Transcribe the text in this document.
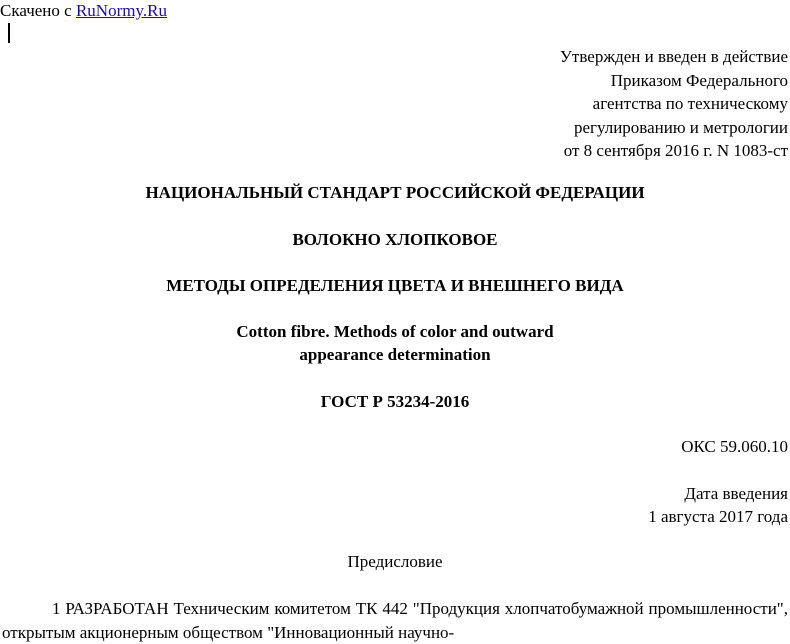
Скачено с RuNormy.Ru
Утвержден и введен в действие
Приказом Федерального
агентства по техническому
регулированию и метрологии
от 8 сентября 2016 г. N 1083-ст
НАЦИОНАЛЬНЫЙ СТАНДАРТ РОССИЙСКОЙ ФЕДЕРАЦИИ
ВОЛОКНО ХЛОПКОВОЕ
МЕТОДЫ ОПРЕДЕЛЕНИЯ ЦВЕТА И ВНЕШНЕГО ВИДА
Cotton fibre. Methods of color and outward
appearance determination
ГОСТ Р 53234-2016
ОКС 59.060.10
Дата введения
1 августа 2017 года
Предисловие
1 РАЗРАБОТАН Техническим комитетом ТК 442 "Продукция хлопчатобумажной промышленности", открытым акционерным обществом "Инновационный научно-
